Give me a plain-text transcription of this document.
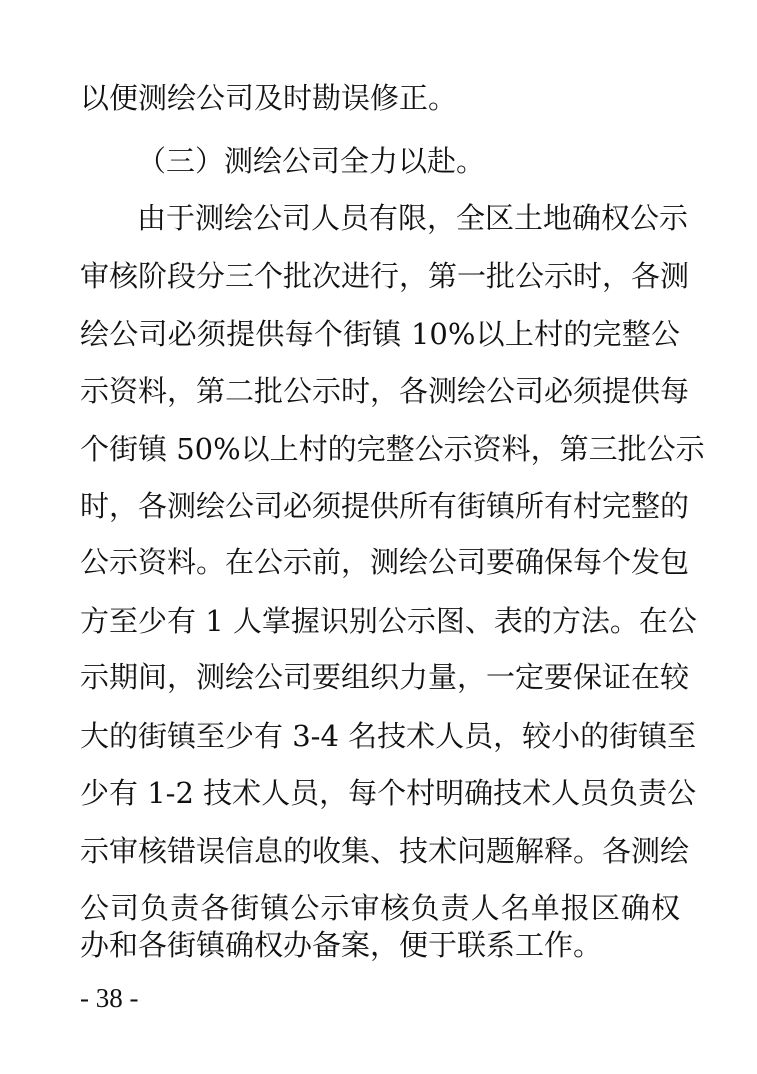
以便测绘公司及时勘误修正。
（三）测绘公司全力以赴。
由于测绘公司人员有限，全区土地确权公示
审核阶段分三个批次进行，第一批公示时，各测
绘公司必须提供每个街镇 10%以上村的完整公
示资料，第二批公示时，各测绘公司必须提供每
个街镇 50%以上村的完整公示资料，第三批公示
时，各测绘公司必须提供所有街镇所有村完整的
公示资料。在公示前，测绘公司要确保每个发包
方至少有 1 人掌握识别公示图、表的方法。在公
示期间，测绘公司要组织力量，一定要保证在较
大的街镇至少有 3-4 名技术人员，较小的街镇至
少有 1-2 技术人员，每个村明确技术人员负责公
示审核错误信息的收集、技术问题解释。各测绘
公司负责各街镇公示审核负责人名单报区确权
办和各街镇确权办备案，便于联系工作。
- 38 -
